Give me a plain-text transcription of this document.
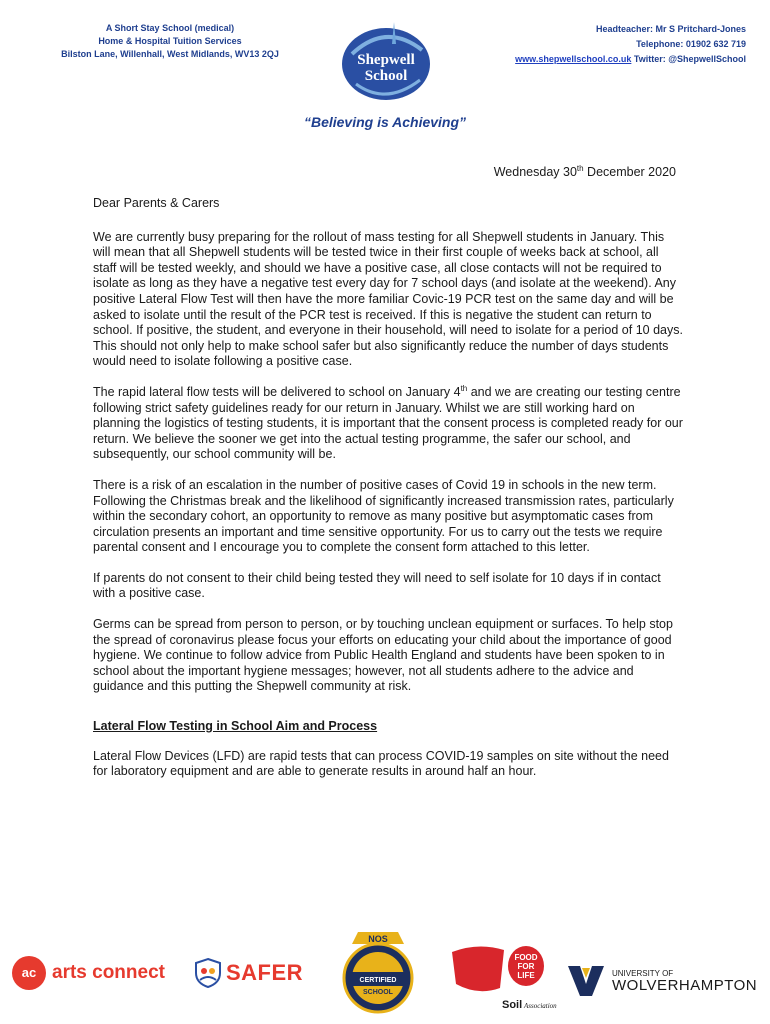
A Short Stay School (medical)
Home & Hospital Tuition Services
Bilston Lane, Willenhall, West Midlands, WV13 2QJ	Shepwell
School
Headteacher: Mr S Pritchard-Jones
Telephone: 01902 632 719
www.shepwellschool.co.uk Twitter: @ShepwellSchool
“Believing is Achieving”
Wednesday 30th December 2020

Dear Parents & Carers

We are currently busy preparing for the rollout of mass testing for all Shepwell students in January. This will mean that all Shepwell students will be tested twice in their first couple of weeks back at school, all staff will be tested weekly, and should we have a positive case, all close contacts will not be required to isolate as long as they have a negative test every day for 7 school days (and isolate at the weekend). Any positive Lateral Flow Test will then have the more familiar Covic-19 PCR test on the same day and will be asked to isolate until the result of the PCR test is received. If this is negative the student can return to school. If positive, the student, and everyone in their household, will need to isolate for a period of 10 days. This should not only help to make school safer but also significantly reduce the number of days students would need to isolate following a positive case.

The rapid lateral flow tests will be delivered to school on January 4th and we are creating our testing centre following strict safety guidelines ready for our return in January. Whilst we are still working hard on planning the logistics of testing students, it is important that the consent process is completed ready for our return. We believe the sooner we get into the actual testing programme, the safer our school, and subsequently, our school community will be.

There is a risk of an escalation in the number of positive cases of Covid 19 in schools in the new term. Following the Christmas break and the likelihood of significantly increased transmission rates, particularly within the secondary cohort, an opportunity to remove as many positive but asymptomatic cases from circulation presents an important and time sensitive opportunity. For us to carry out the tests we require parental consent and I encourage you to complete the consent form attached to this letter.

If parents do not consent to their child being tested they will need to self isolate for 10 days if in contact with a positive case.

Germs can be spread from person to person, or by touching unclean equipment or surfaces. To help stop the spread of coronavirus please focus your efforts on educating your child about the importance of good hygiene. We continue to follow advice from Public Health England and students have been spoken to in school about the important hygiene messages; however, not all students adhere to the advice and guidance and this putting the Shepwell community at risk.

Lateral Flow Testing in School Aim and Process

Lateral Flow Devices (LFD) are rapid tests that can process COVID-19 samples on site without the need for laboratory equipment and are able to generate results in around half an hour.

ac arts connect	SAFER
NOS
CERTIFIED
SCHOOL
FOOD
FOR
LIFE
Soil Association
UNIVERSITY OF
WOLVERHAMPTON
